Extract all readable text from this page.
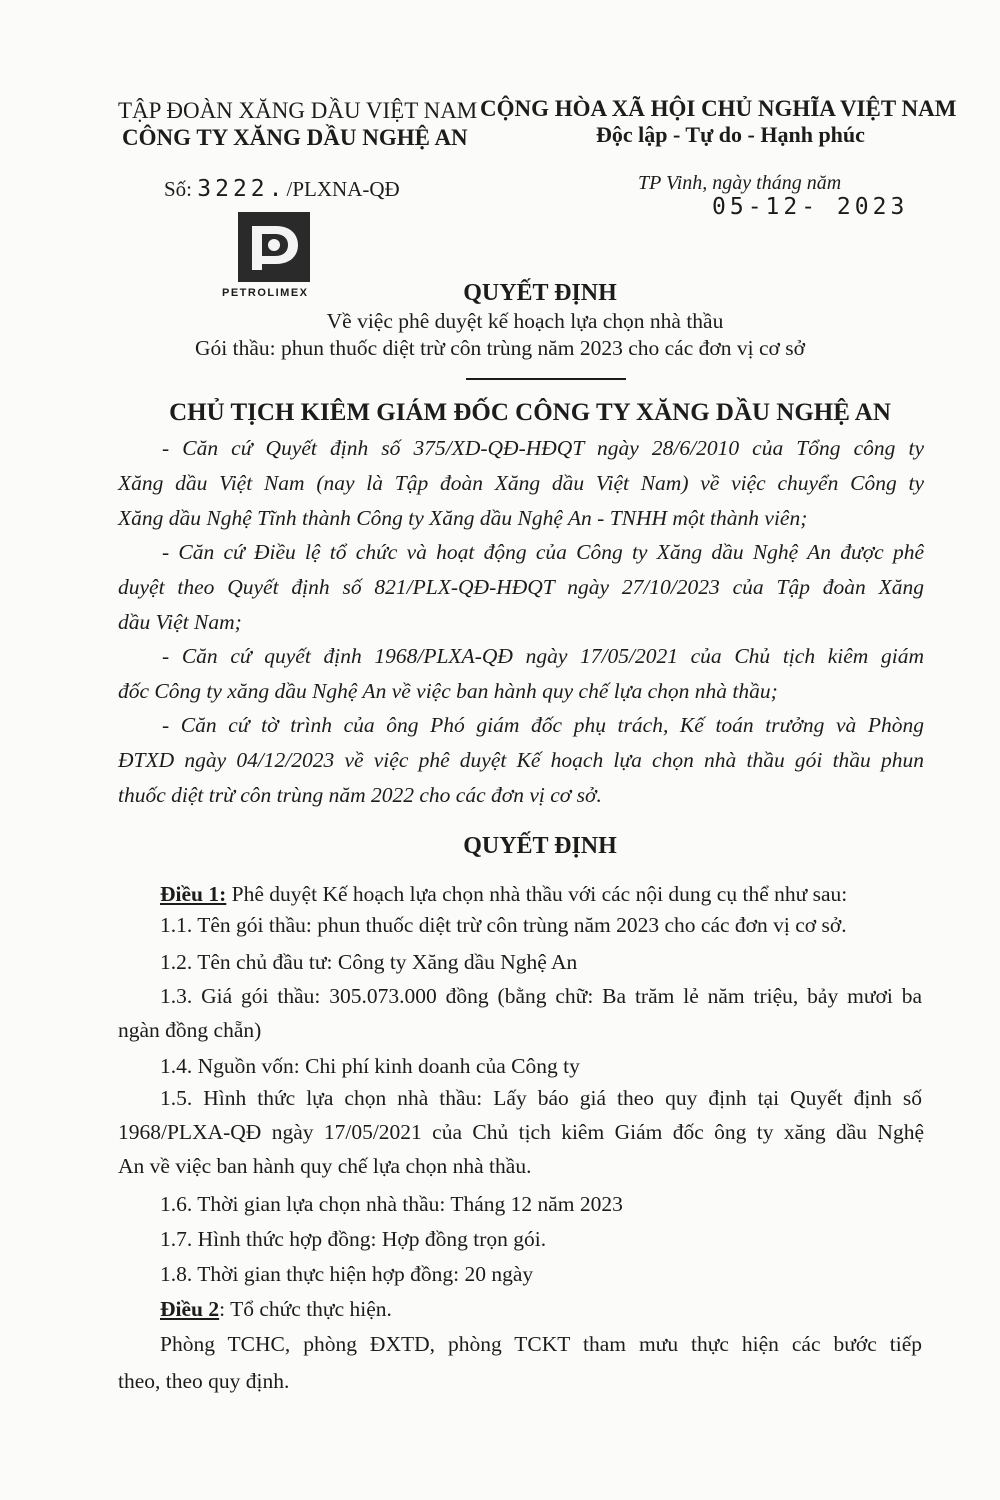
TẬP ĐOÀN XĂNG DẦU VIỆT NAM
CÔNG TY XĂNG DẦU NGHỆ AN
CỘNG HÒA XÃ HỘI CHỦ NGHĨA VIỆT NAM
Độc lập - Tự do - Hạnh phúc
Số: 3222./PLXNA-QĐ	TP Vinh, ngày tháng năm
05-12- 2023
PETROLIMEX	QUYẾT ĐỊNH
Về việc phê duyệt kế hoạch lựa chọn nhà thầu
Gói thầu: phun thuốc diệt trừ côn trùng năm 2023 cho các đơn vị cơ sở
CHỦ TỊCH KIÊM GIÁM ĐỐC CÔNG TY XĂNG DẦU NGHỆ AN
- Căn cứ Quyết định số 375/XD-QĐ-HĐQT ngày 28/6/2010 của Tổng công ty
Xăng dầu Việt Nam (nay là Tập đoàn Xăng dầu Việt Nam) về việc chuyển Công ty
Xăng dầu Nghệ Tĩnh thành Công ty Xăng dầu Nghệ An - TNHH một thành viên;
- Căn cứ Điều lệ tổ chức và hoạt động của Công ty Xăng dầu Nghệ An được phê
duyệt theo Quyết định số 821/PLX-QĐ-HĐQT ngày 27/10/2023 của Tập đoàn Xăng
dầu Việt Nam;
- Căn cứ quyết định 1968/PLXA-QĐ ngày 17/05/2021 của Chủ tịch kiêm giám
đốc Công ty xăng dầu Nghệ An về việc ban hành quy chế lựa chọn nhà thầu;
- Căn cứ tờ trình của ông Phó giám đốc phụ trách, Kế toán trưởng và Phòng
ĐTXD ngày 04/12/2023 về việc phê duyệt Kế hoạch lựa chọn nhà thầu gói thầu phun
thuốc diệt trừ côn trùng năm 2022 cho các đơn vị cơ sở.
QUYẾT ĐỊNH
Điều 1: Phê duyệt Kế hoạch lựa chọn nhà thầu với các nội dung cụ thể như sau:
1.1. Tên gói thầu: phun thuốc diệt trừ côn trùng năm 2023 cho các đơn vị cơ sở.
1.2. Tên chủ đầu tư: Công ty Xăng dầu Nghệ An
1.3. Giá gói thầu: 305.073.000 đồng (bằng chữ: Ba trăm lẻ năm triệu, bảy mươi ba
ngàn đồng chẵn)
1.4. Nguồn vốn: Chi phí kinh doanh của Công ty
1.5. Hình thức lựa chọn nhà thầu: Lấy báo giá theo quy định tại Quyết định số
1968/PLXA-QĐ ngày 17/05/2021 của Chủ tịch kiêm Giám đốc ông ty xăng dầu Nghệ
An về việc ban hành quy chế lựa chọn nhà thầu.
1.6. Thời gian lựa chọn nhà thầu: Tháng 12 năm 2023
1.7. Hình thức hợp đồng: Hợp đồng trọn gói.
1.8. Thời gian thực hiện hợp đồng: 20 ngày
Điều 2: Tổ chức thực hiện.
Phòng TCHC, phòng ĐXTD, phòng TCKT tham mưu thực hiện các bước tiếp
theo, theo quy định.
